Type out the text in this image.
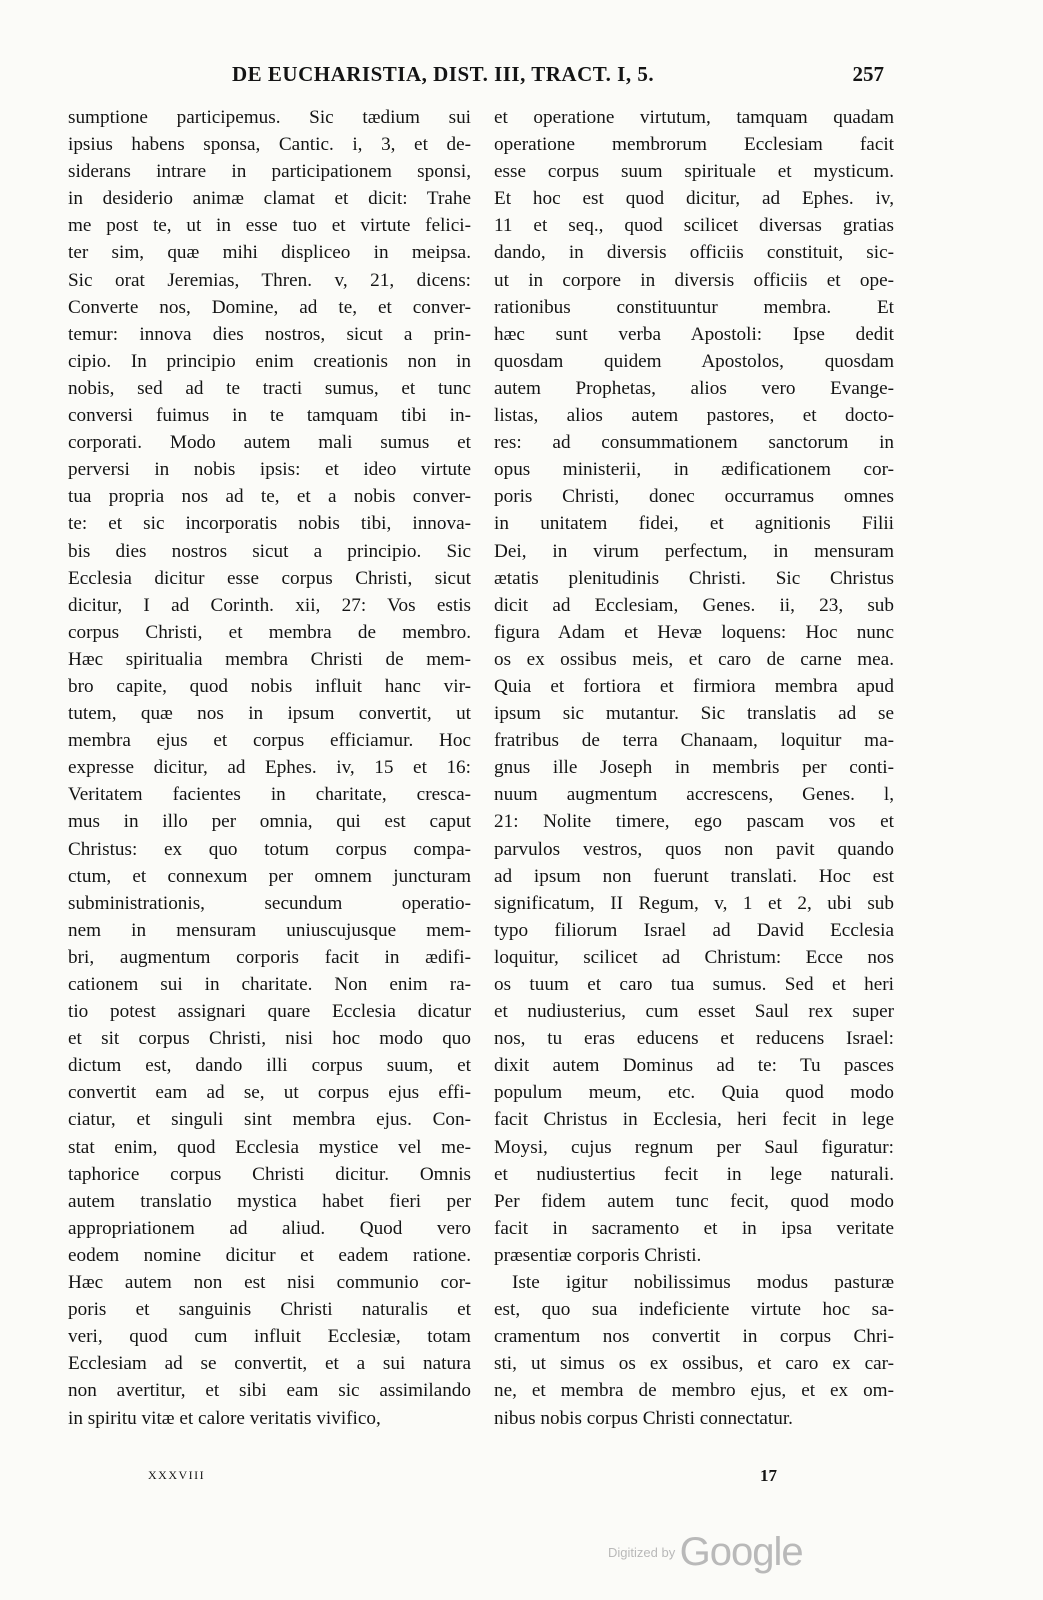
DE EUCHARISTIA, DIST. III, TRACT. I, 5.	257
sumptione participemus. Sic tædium sui
ipsius habens sponsa, Cantic. i, 3, et de-
siderans intrare in participationem sponsi,
in desiderio animæ clamat et dicit: Trahe
me post te, ut in esse tuo et virtute felici-
ter sim, quæ mihi displiceo in meipsa.
Sic orat Jeremias, Thren. v, 21, dicens:
Converte nos, Domine, ad te, et conver-
temur: innova dies nostros, sicut a prin-
cipio. In principio enim creationis non in
nobis, sed ad te tracti sumus, et tunc
conversi fuimus in te tamquam tibi in-
corporati. Modo autem mali sumus et
perversi in nobis ipsis: et ideo virtute
tua propria nos ad te, et a nobis conver-
te: et sic incorporatis nobis tibi, innova-
bis dies nostros sicut a principio. Sic
Ecclesia dicitur esse corpus Christi, sicut
dicitur, I ad Corinth. xii, 27: Vos estis
corpus Christi, et membra de membro.
Hæc spiritualia membra Christi de mem-
bro capite, quod nobis influit hanc vir-
tutem, quæ nos in ipsum convertit, ut
membra ejus et corpus efficiamur. Hoc
expresse dicitur, ad Ephes. iv, 15 et 16:
Veritatem facientes in charitate, cresca-
mus in illo per omnia, qui est caput
Christus: ex quo totum corpus compa-
ctum, et connexum per omnem juncturam
subministrationis, secundum operatio-
nem in mensuram uniuscujusque mem-
bri, augmentum corporis facit in ædifi-
cationem sui in charitate. Non enim ra-
tio potest assignari quare Ecclesia dicatur
et sit corpus Christi, nisi hoc modo quo
dictum est, dando illi corpus suum, et
convertit eam ad se, ut corpus ejus effi-
ciatur, et singuli sint membra ejus. Con-
stat enim, quod Ecclesia mystice vel me-
taphorice corpus Christi dicitur. Omnis
autem translatio mystica habet fieri per
appropriationem ad aliud. Quod vero
eodem nomine dicitur et eadem ratione.
Hæc autem non est nisi communio cor-
poris et sanguinis Christi naturalis et
veri, quod cum influit Ecclesiæ, totam
Ecclesiam ad se convertit, et a sui natura
non avertitur, et sibi eam sic assimilando
in spiritu vitæ et calore veritatis vivifico,
et operatione virtutum, tamquam quadam
operatione membrorum Ecclesiam facit
esse corpus suum spirituale et mysticum.
Et hoc est quod dicitur, ad Ephes. iv,
11 et seq., quod scilicet diversas gratias
dando, in diversis officiis constituit, sic-
ut in corpore in diversis officiis et ope-
rationibus constituuntur membra. Et
hæc sunt verba Apostoli: Ipse dedit
quosdam quidem Apostolos, quosdam
autem Prophetas, alios vero Evange-
listas, alios autem pastores, et docto-
res: ad consummationem sanctorum in
opus ministerii, in ædificationem cor-
poris Christi, donec occurramus omnes
in unitatem fidei, et agnitionis Filii
Dei, in virum perfectum, in mensuram
ætatis plenitudinis Christi. Sic Christus
dicit ad Ecclesiam, Genes. ii, 23, sub
figura Adam et Hevæ loquens: Hoc nunc
os ex ossibus meis, et caro de carne mea.
Quia et fortiora et firmiora membra apud
ipsum sic mutantur. Sic translatis ad se
fratribus de terra Chanaam, loquitur ma-
gnus ille Joseph in membris per conti-
nuum augmentum accrescens, Genes. l,
21: Nolite timere, ego pascam vos et
parvulos vestros, quos non pavit quando
ad ipsum non fuerunt translati. Hoc est
significatum, II Regum, v, 1 et 2, ubi sub
typo filiorum Israel ad David Ecclesia
loquitur, scilicet ad Christum: Ecce nos
os tuum et caro tua sumus. Sed et heri
et nudiusterius, cum esset Saul rex super
nos, tu eras educens et reducens Israel:
dixit autem Dominus ad te: Tu pasces
populum meum, etc. Quia quod modo
facit Christus in Ecclesia, heri fecit in lege
Moysi, cujus regnum per Saul figuratur:
et nudiustertius fecit in lege naturali.
Per fidem autem tunc fecit, quod modo
facit in sacramento et in ipsa veritate
præsentiæ corporis Christi.
Iste igitur nobilissimus modus pasturæ
est, quo sua indeficiente virtute hoc sa-
cramentum nos convertit in corpus Chri-
sti, ut simus os ex ossibus, et caro ex car-
ne, et membra de membro ejus, et ex om-
nibus nobis corpus Christi connectatur.
XXXVIII	17
Digitized by Google
